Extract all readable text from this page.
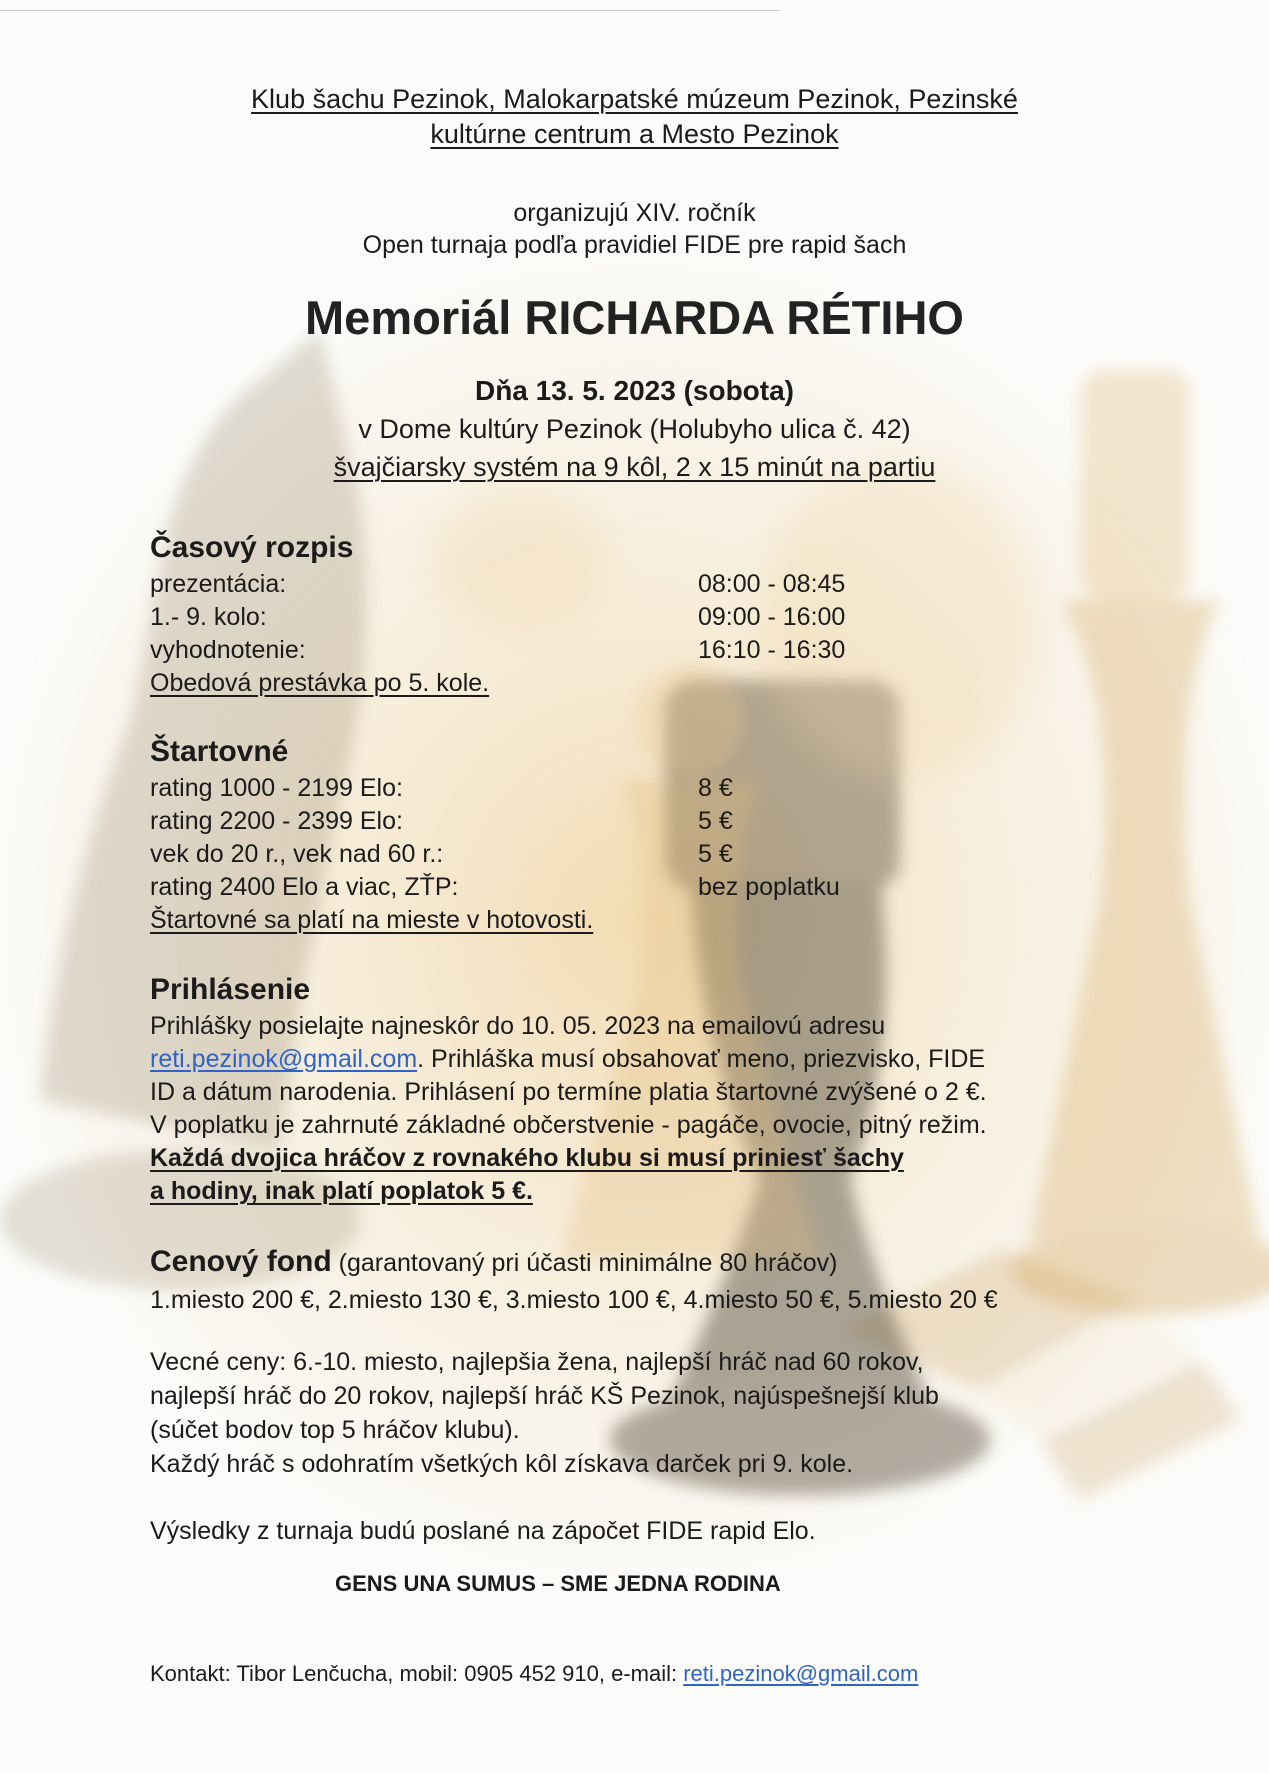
Klub šachu Pezinok, Malokarpatské múzeum Pezinok, Pezinské
kultúrne centrum a Mesto Pezinok
organizujú XIV. ročník
Open turnaja podľa pravidiel FIDE pre rapid šach
Memoriál RICHARDA RÉTIHO
Dňa 13. 5. 2023 (sobota)
v Dome kultúry Pezinok (Holubyho ulica č. 42)
švajčiarsky systém na 9 kôl, 2 x 15 minút na partiu
Časový rozpis
prezentácia:	08:00 - 08:45
1.- 9. kolo:	09:00 - 16:00
vyhodnotenie:	16:10 - 16:30
Obedová prestávka po 5. kole.
Štartovné
rating 1000 - 2199 Elo:	8 €
rating 2200 - 2399 Elo:	5 €
vek do 20 r., vek nad 60 r.:	5 €
rating 2400 Elo a viac, ZŤP:	bez poplatku
Štartovné sa platí na mieste v hotovosti.
Prihlásenie
Prihlášky posielajte najneskôr do 10. 05. 2023 na emailovú adresu
reti.pezinok@gmail.com. Prihláška musí obsahovať meno, priezvisko, FIDE
ID a dátum narodenia. Prihlásení po termíne platia štartovné zvýšené o 2 €.
V poplatku je zahrnuté základné občerstvenie - pagáče, ovocie, pitný režim.
Každá dvojica hráčov z rovnakého klubu si musí priniesť šachy
a hodiny, inak platí poplatok 5 €.
Cenový fond (garantovaný pri účasti minimálne 80 hráčov)
1.miesto 200 €, 2.miesto 130 €, 3.miesto 100 €, 4.miesto 50 €, 5.miesto 20 €
Vecné ceny: 6.-10. miesto, najlepšia žena, najlepší hráč nad 60 rokov,
najlepší hráč do 20 rokov, najlepší hráč KŠ Pezinok, najúspešnejší klub
(súčet bodov top 5 hráčov klubu).
Každý hráč s odohratím všetkých kôl získava darček pri 9. kole.
Výsledky z turnaja budú poslané na zápočet FIDE rapid Elo.
GENS UNA SUMUS – SME JEDNA RODINA
Kontakt: Tibor Lenčucha, mobil: 0905 452 910, e-mail: reti.pezinok@gmail.com
